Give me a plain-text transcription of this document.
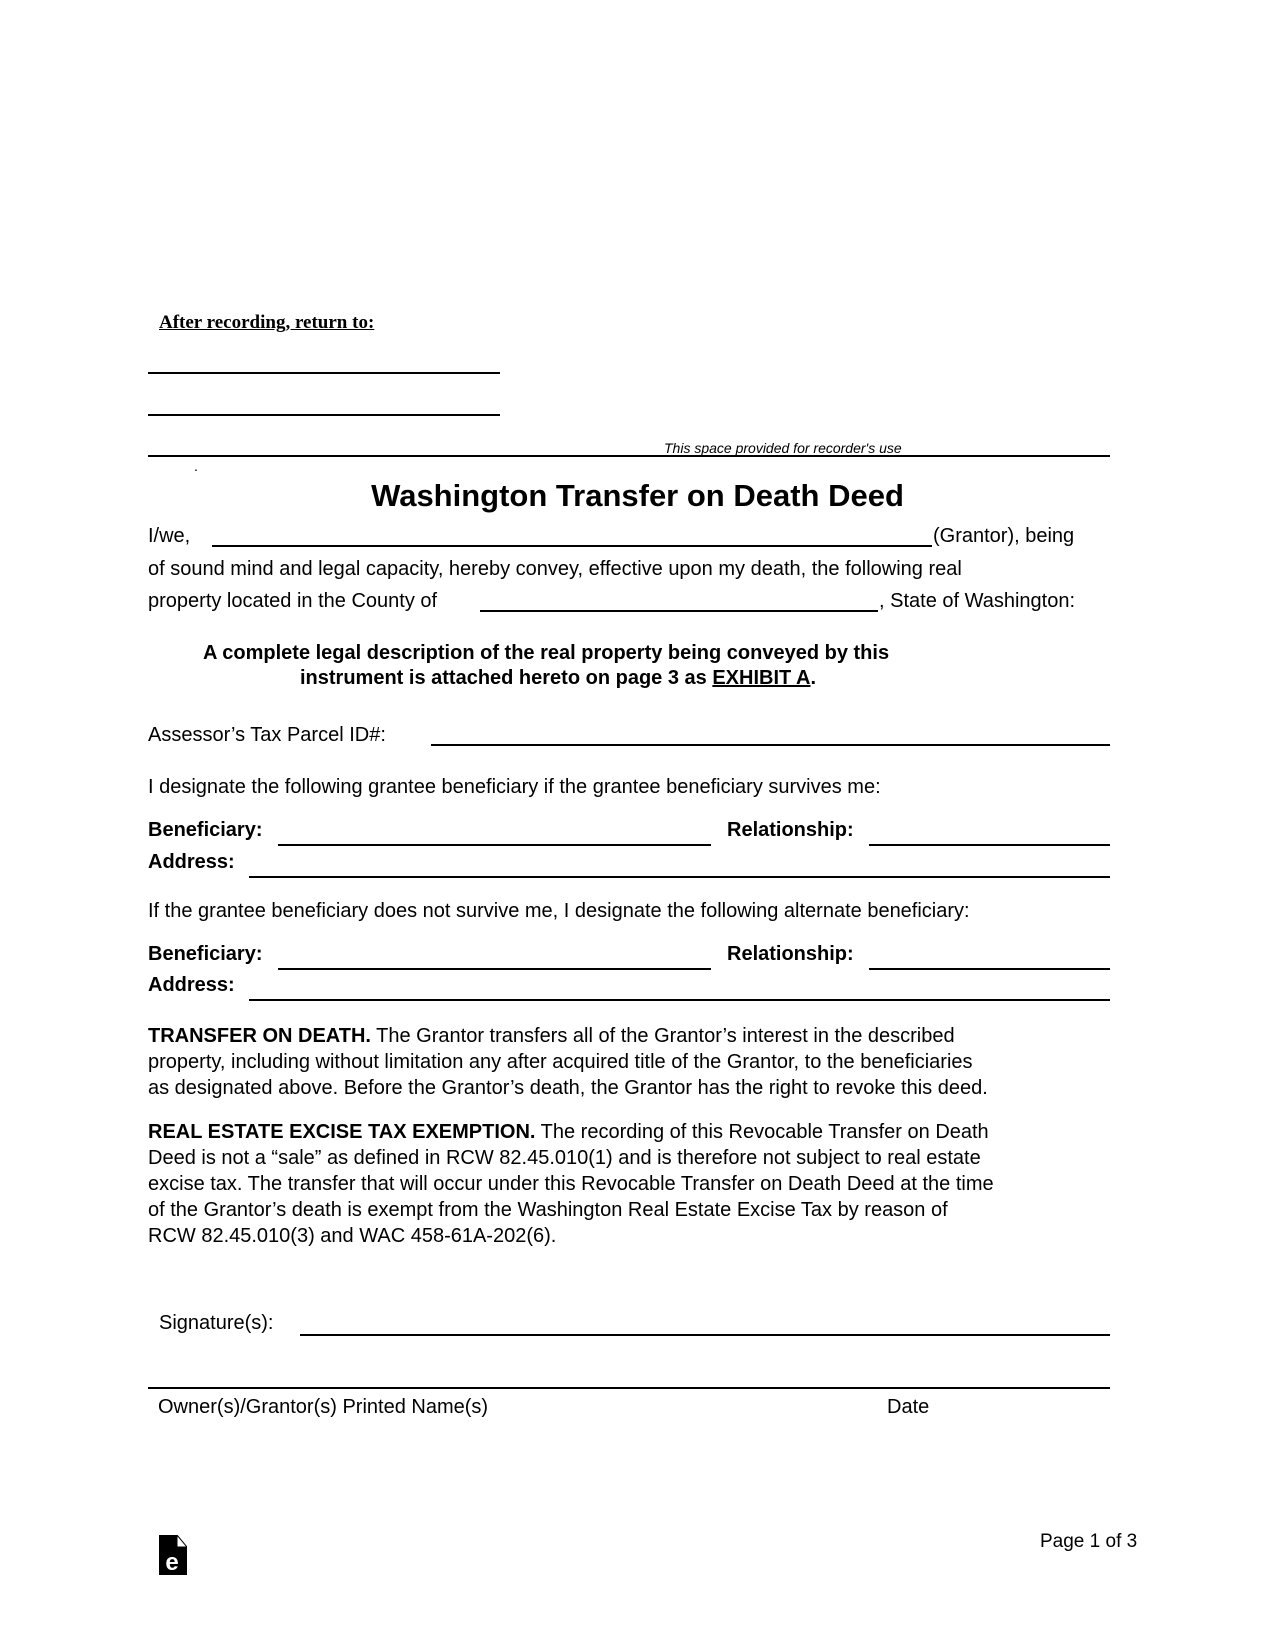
After recording, return to:
This space provided for recorder's use
.
Washington Transfer on Death Deed
I/we,	(Grantor), being
of sound mind and legal capacity, hereby convey, effective upon my death, the following real
property located in the County of	, State of Washington:
A complete legal description of the real property being conveyed by this
instrument is attached hereto on page 3 as EXHIBIT A.
Assessor’s Tax Parcel ID#:
I designate the following grantee beneficiary if the grantee beneficiary survives me:
Beneficiary:	Relationship:
Address:
If the grantee beneficiary does not survive me, I designate the following alternate beneficiary:
Beneficiary:	Relationship:
Address:
TRANSFER ON DEATH. The Grantor transfers all of the Grantor’s interest in the described
property, including without limitation any after acquired title of the Grantor, to the beneficiaries
as designated above. Before the Grantor’s death, the Grantor has the right to revoke this deed.
REAL ESTATE EXCISE TAX EXEMPTION. The recording of this Revocable Transfer on Death
Deed is not a “sale” as defined in RCW 82.45.010(1) and is therefore not subject to real estate
excise tax. The transfer that will occur under this Revocable Transfer on Death Deed at the time
of the Grantor’s death is exempt from the Washington Real Estate Excise Tax by reason of
RCW 82.45.010(3) and WAC 458-61A-202(6).
Signature(s):
Owner(s)/Grantor(s) Printed Name(s)	Date
e
Page 1 of 3
